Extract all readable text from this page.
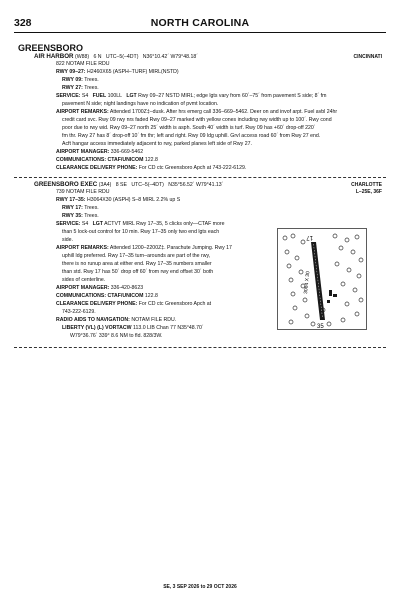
328	NORTH CAROLINA
GREENSBORO
AIR HARBOR (W88) 6 N UTC–5(–4DT) N36°10.42´ W79°48.18´	CINCINNATI
822 NOTAM FILE RDU
RWY 09–27: H2460X65 (ASPH–TURF) MIRL(NSTD)
RWY 09: Trees.
RWY 27: Trees.
SERVICE: S4 FUEL 100LL LGT Rwy 09–27 NSTD MIRL; edge lgts vary from 60´–75´ from pavement S side; 8´ fm
pavement N side; night landings have no indication of pvmt location.
AIRPORT REMARKS: Attended 1700Z‡–dusk. After hrs emerg call 336–669–5462. Deer on and invof arpt. Fuel avbl 24hr
credit card svc. Rwy 09 rwy nrs faded Rwy 09–27 marked with yellow cones including rwy width up to 100´. Rwy cond
poor due to rwy wid. Rwy 09–27 north 25´ width is asph. South 40´ width is turf. Rwy 09 has +60´ drop-off 220´
fm thr. Rwy 27 has 8´ drop-off 10´ fm thr; left and right. Rwy 09 ldg uphill. Grvl access road 60´ from Rwy 27 end.
Acft hangar access immediately adjacent to rwy, parked planes left side of Rwy 27.
AIRPORT MANAGER: 336-669-5462
COMMUNICATIONS: CTAF/UNICOM 122.8
CLEARANCE DELIVERY PHONE: For CD ctc Greensboro Apch at 743-222-6129.
GREENSBORO EXEC (3A4) 8 SE UTC–5(–4DT) N35°56.52´ W79°41.13´	CHARLOTTE
L–25E, 36F
739 NOTAM FILE RDU
RWY 17–35: H3064X30 (ASPH) S–8 MIRL 2.2% up S
RWY 17: Trees.
RWY 35: Trees.
SERVICE: S4 LGT ACTVT MIRL Rwy 17–35, 5 clicks only—CTAF more
than 5 lock-out control for 10 min. Rwy 17–35 only two end lgts each
side.
AIRPORT REMARKS: Attended 1200–2200Z‡. Parachute Jumping. Rwy 17
uphill ldg preferred. Rwy 17–35 turn–arounds are part of the rwy,
there is no runup area at either end. Rwy 17–35 numbers smaller
than std. Rwy 17 has 50´ drop off 60´ from rwy end offset 30´ both
sides of centerline.
AIRPORT MANAGER: 336-420-8623
COMMUNICATIONS: CTAF/UNICOM 122.8
CLEARANCE DELIVERY PHONE: For CD ctc Greensboro Apch at
743-222-6129.
RADIO AIDS TO NAVIGATION: NOTAM FILE RDU.
LIBERTY (VL) (L) VORTACW 113.0 LIB Chan 77 N35°48.70´
W79°36.76´ 339° 8.6 NM to fld. 828/3W.
17
35
3064 X 30
SE, 3 SEP 2026 to 29 OCT 2026
